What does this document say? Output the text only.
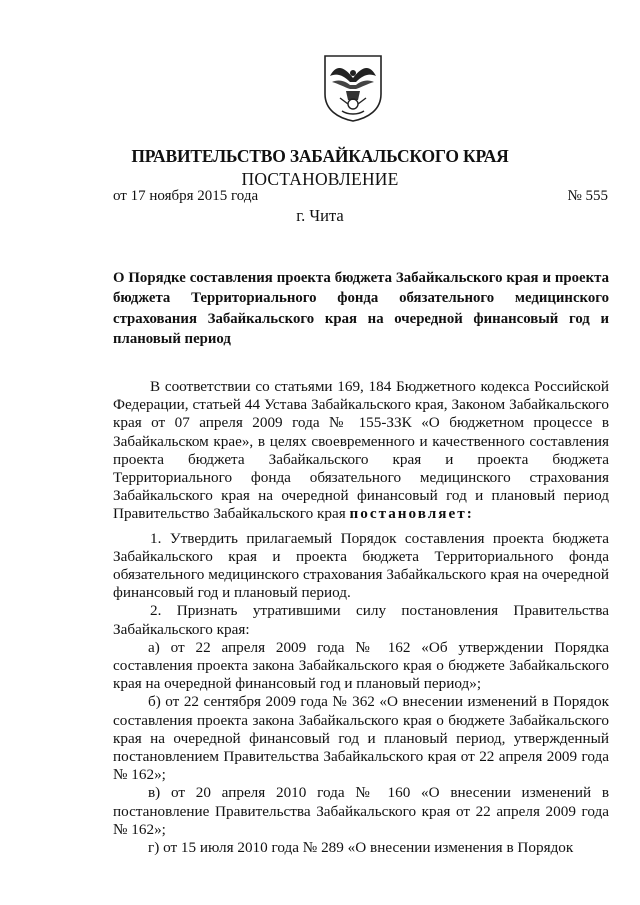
ПРАВИТЕЛЬСТВО ЗАБАЙКАЛЬСКОГО КРАЯ
ПОСТАНОВЛЕНИЕ
от 17 ноября 2015 года	№ 555
г. Чита
О Порядке составления проекта бюджета Забайкальского края и проекта бюджета Территориального фонда обязательного медицинского страхования Забайкальского края на очередной финансовый год и плановый период

В соответствии со статьями 169, 184 Бюджетного кодекса Российской Федерации, статьей 44 Устава Забайкальского края, Законом Забайкальского края от 07 апреля 2009 года № 155-ЗЗК «О бюджетном процессе в Забайкальском крае», в целях своевременного и качественного составления проекта бюджета Забайкальского края и проекта бюджета Территориального фонда обязательного медицинского страхования Забайкальского края на очередной финансовый год и плановый период Правительство Забайкальского края постановляет:

1. Утвердить прилагаемый Порядок составления проекта бюджета Забайкальского края и проекта бюджета Территориального фонда обязательного медицинского страхования Забайкальского края на очередной финансовый год и плановый период.

2. Признать утратившими силу постановления Правительства Забайкальского края:

а) от 22 апреля 2009 года № 162 «Об утверждении Порядка составления проекта закона Забайкальского края о бюджете Забайкальского края на очередной финансовый год и плановый период»;

б) от 22 сентября 2009 года № 362 «О внесении изменений в Порядок составления проекта закона Забайкальского края о бюджете Забайкальского края на очередной финансовый год и плановый период, утвержденный постановлением Правительства Забайкальского края от 22 апреля 2009 года № 162»;

в) от 20 апреля 2010 года № 160 «О внесении изменений в постановление Правительства Забайкальского края от 22 апреля 2009 года № 162»;

г) от 15 июля 2010 года № 289 «О внесении изменения в Порядок
